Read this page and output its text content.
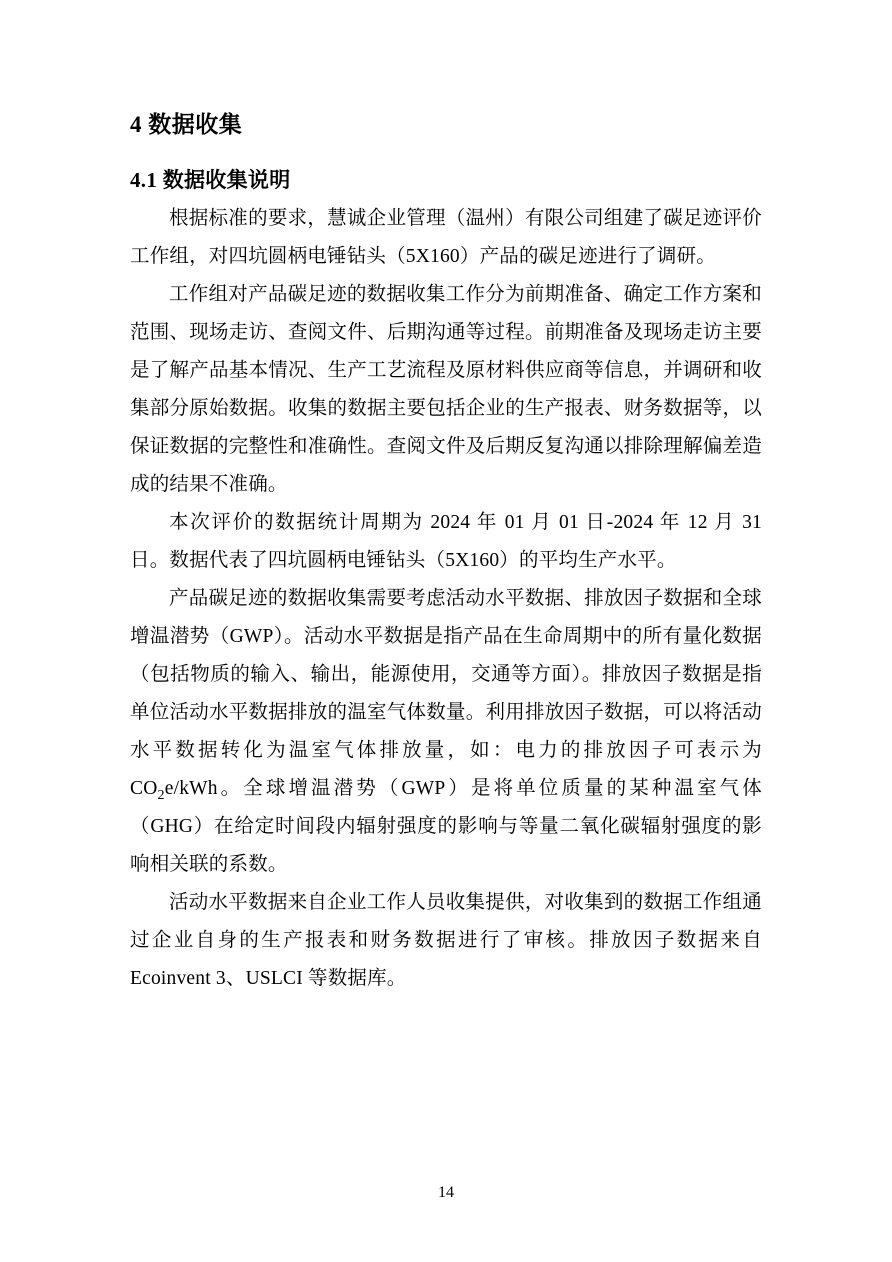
4 数据收集
4.1 数据收集说明

根据标准的要求，慧诚企业管理（温州）有限公司组建了碳足迹评价工作组，对四坑圆柄电锤钻头（5X160）产品的碳足迹进行了调研。

工作组对产品碳足迹的数据收集工作分为前期准备、确定工作方案和范围、现场走访、查阅文件、后期沟通等过程。前期准备及现场走访主要是了解产品基本情况、生产工艺流程及原材料供应商等信息，并调研和收集部分原始数据。收集的数据主要包括企业的生产报表、财务数据等，以保证数据的完整性和准确性。查阅文件及后期反复沟通以排除理解偏差造成的结果不准确。

本次评价的数据统计周期为 2024 年 01 月 01 日-2024 年 12 月 31 日。数据代表了四坑圆柄电锤钻头（5X160）的平均生产水平。

产品碳足迹的数据收集需要考虑活动水平数据、排放因子数据和全球增温潜势（GWP）。活动水平数据是指产品在生命周期中的所有量化数据（包括物质的输入、输出，能源使用，交通等方面）。排放因子数据是指单位活动水平数据排放的温室气体数量。利用排放因子数据，可以将活动水平数据转化为温室气体排放量，如：电力的排放因子可表示为 $CO_2e$/kWh。全球增温潜势（GWP）是将单位质量的某种温室气体（GHG）在给定时间段内辐射强度的影响与等量二氧化碳辐射强度的影响相关联的系数。

活动水平数据来自企业工作人员收集提供，对收集到的数据工作组通过企业自身的生产报表和财务数据进行了审核。排放因子数据来自 Ecoinvent 3、USLCI 等数据库。

14
